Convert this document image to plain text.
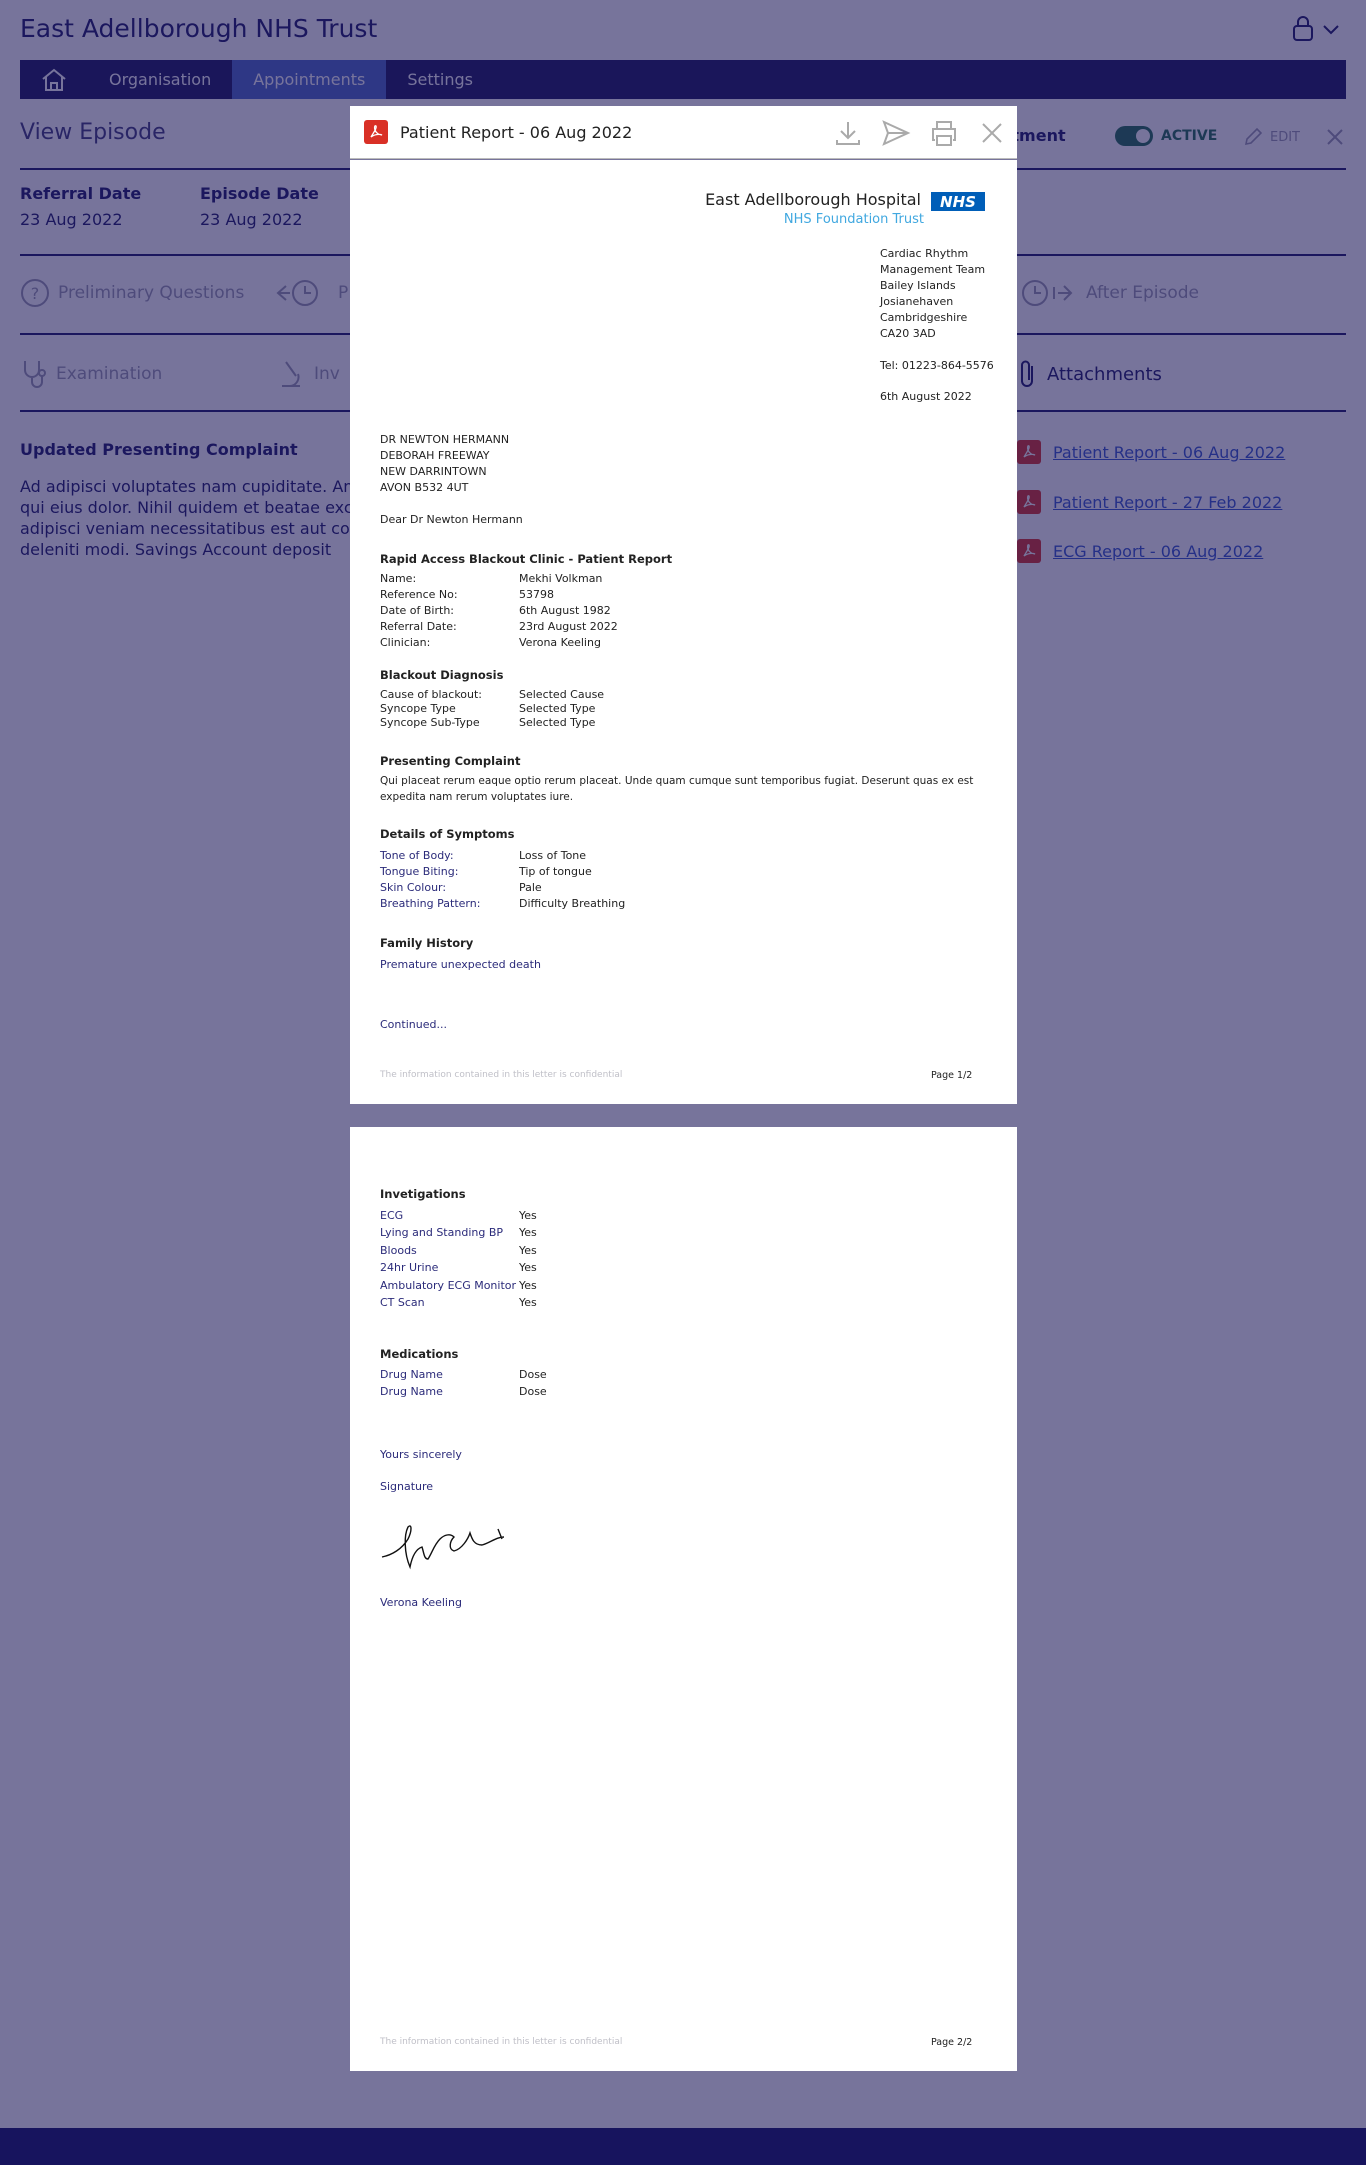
Patient Report - 06 Aug 2022
East Adellborough Hospital	NHS
NHS Foundation Trust
Cardiac Rhythm
Management Team
Bailey Islands
Josianehaven
Cambridgeshire
CA20 3AD
Tel: 01223-864-5576
6th August 2022
DR NEWTON HERMANN
DEBORAH FREEWAY
NEW DARRINTOWN
AVON B532 4UT
Dear Dr Newton Hermann
Rapid Access Blackout Clinic - Patient Report
Name:	Mekhi Volkman
Reference No:	53798
Date of Birth:	6th August 1982
Referral Date:	23rd August 2022
Clinician:	Verona Keeling
Blackout Diagnosis
Cause of blackout:	Selected Cause
Syncope Type	Selected Type
Syncope Sub-Type	Selected Type
Presenting Complaint
Qui placeat rerum eaque optio rerum placeat. Unde quam cumque sunt temporibus fugiat. Deserunt quas ex est
expedita nam rerum voluptates iure.
Details of Symptoms
Tone of Body:	Loss of Tone
Tongue Biting:	Tip of tongue
Skin Colour:	Pale
Breathing Pattern:	Difficulty Breathing
Family History
Premature unexpected death
Continued...
The information contained in this letter is confidential	Page 1/2
Invetigations
ECG	Yes
Lying and Standing BP Yes
Bloods	Yes
24hr Urine	Yes
Ambulatory ECG Monitor Yes
CT Scan	Yes
Medications
Drug Name	Dose
Drug Name	Dose
Yours sincerely
Signature
Verona Keeling
The information contained in this letter is confidential	Page 2/2
